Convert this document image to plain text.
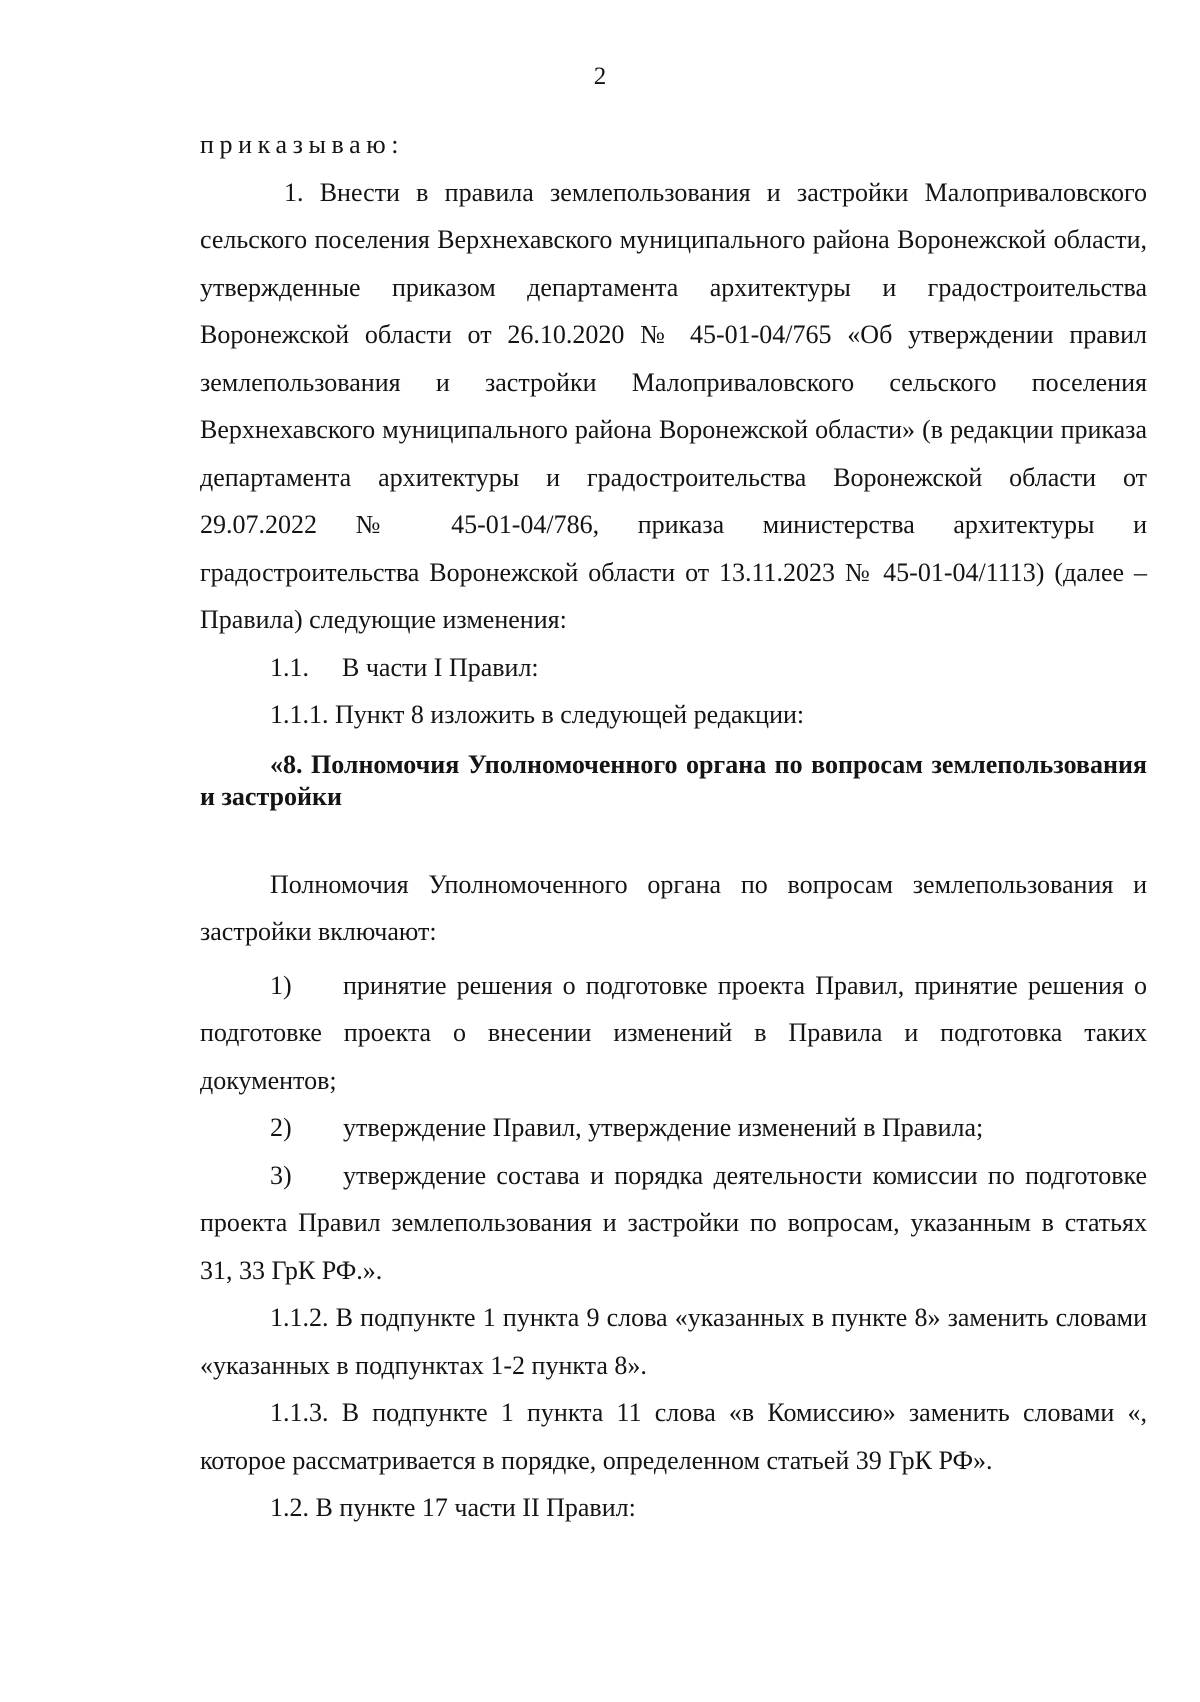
2

приказываю:

1. Внести в правила землепользования и застройки Малоприваловского сельского поселения Верхнехавского муниципального района Воронежской области, утвержденные приказом департамента архитектуры и градостроительства Воронежской области от 26.10.2020 № 45-01-04/765 «Об утверждении правил землепользования и застройки Малоприваловского сельского поселения Верхнехавского муниципального района Воронежской области» (в редакции приказа департамента архитектуры и градостроительства Воронежской области от 29.07.2022 № 45-01-04/786, приказа министерства архитектуры и градостроительства Воронежской области от 13.11.2023 № 45-01-04/1113) (далее – Правила) следующие изменения:

1.1. В части I Правил:

1.1.1. Пункт 8 изложить в следующей редакции:

«8. Полномочия Уполномоченного органа по вопросам землепользования и застройки

Полномочия Уполномоченного органа по вопросам землепользования и застройки включают:

1) принятие решения о подготовке проекта Правил, принятие решения о подготовке проекта о внесении изменений в Правила и подготовка таких документов;

2) утверждение Правил, утверждение изменений в Правила;

3) утверждение состава и порядка деятельности комиссии по подготовке проекта Правил землепользования и застройки по вопросам, указанным в статьях 31, 33 ГрК РФ.».

1.1.2. В подпункте 1 пункта 9 слова «указанных в пункте 8» заменить словами «указанных в подпунктах 1-2 пункта 8».

1.1.3. В подпункте 1 пункта 11 слова «в Комиссию» заменить словами «, которое рассматривается в порядке, определенном статьей 39 ГрК РФ».

1.2. В пункте 17 части II Правил:
